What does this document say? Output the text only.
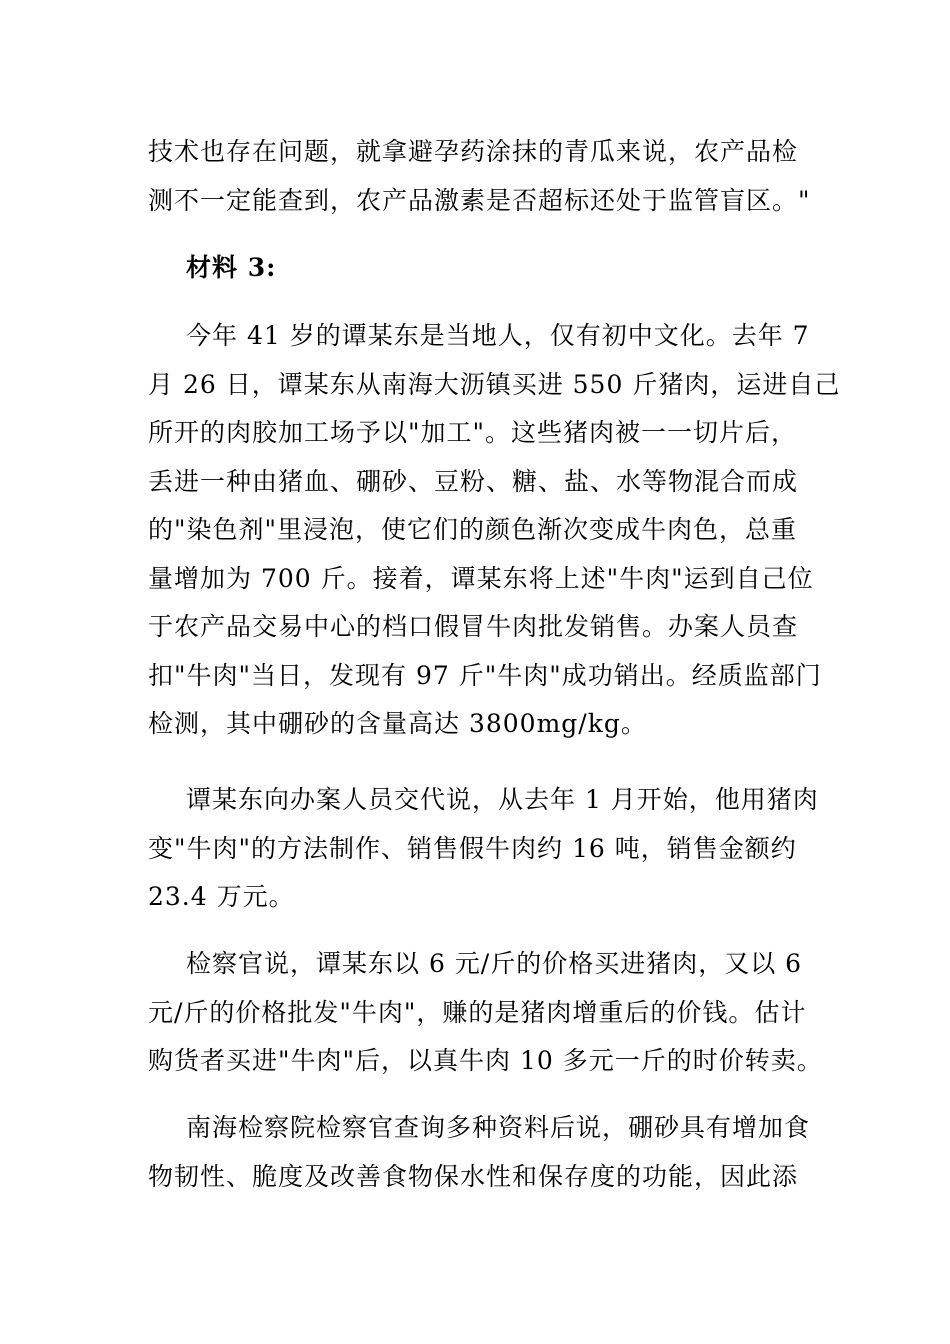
技术也存在问题，就拿避孕药涂抹的青瓜来说，农产品检
测不一定能查到，农产品激素是否超标还处于监管盲区。"
材料 3:
今年 41 岁的谭某东是当地人，仅有初中文化。去年 7
月 26 日，谭某东从南海大沥镇买进 550 斤猪肉，运进自己
所开的肉胶加工场予以"加工"。这些猪肉被一一切片后，
丢进一种由猪血、硼砂、豆粉、糖、盐、水等物混合而成
的"染色剂"里浸泡，使它们的颜色渐次变成牛肉色，总重
量增加为 700 斤。接着，谭某东将上述"牛肉"运到自己位
于农产品交易中心的档口假冒牛肉批发销售。办案人员查
扣"牛肉"当日，发现有 97 斤"牛肉"成功销出。经质监部门
检测，其中硼砂的含量高达 3800mg/kg。
谭某东向办案人员交代说，从去年 1 月开始，他用猪肉
变"牛肉"的方法制作、销售假牛肉约 16 吨，销售金额约
23.4 万元。
检察官说，谭某东以 6 元/斤的价格买进猪肉，又以 6
元/斤的价格批发"牛肉"，赚的是猪肉增重后的价钱。估计
购货者买进"牛肉"后，以真牛肉 10 多元一斤的时价转卖。
南海检察院检察官查询多种资料后说，硼砂具有增加食
物韧性、脆度及改善食物保水性和保存度的功能，因此添
